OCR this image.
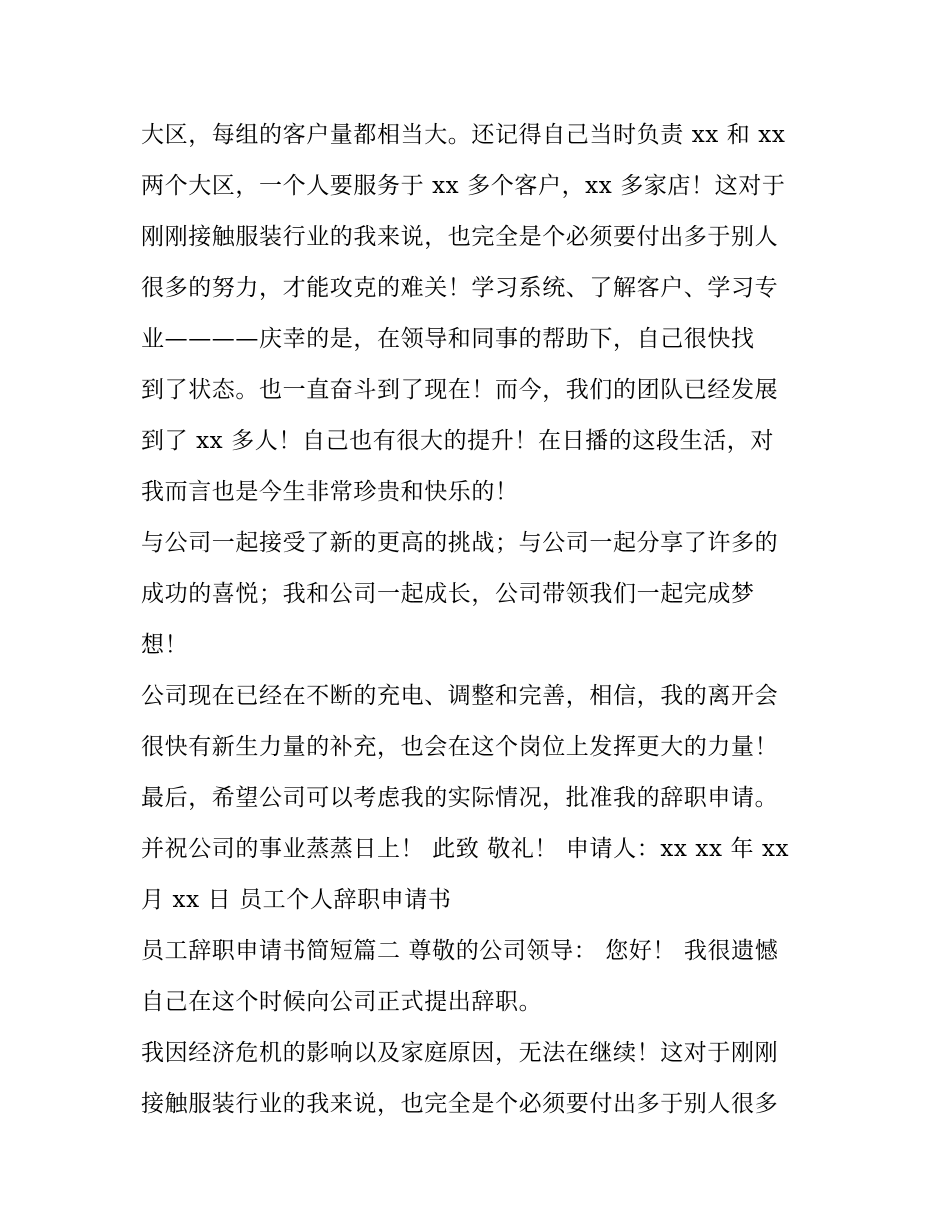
大区，每组的客户量都相当大。还记得自己当时负责 xx 和 xx
两个大区，一个人要服务于 xx 多个客户，xx 多家店！这对于
刚刚接触服装行业的我来说，也完全是个必须要付出多于别人
很多的努力，才能攻克的难关！学习系统、了解客户、学习专
业————庆幸的是，在领导和同事的帮助下，自己很快找
到了状态。也一直奋斗到了现在！而今，我们的团队已经发展
到了 xx 多人！自己也有很大的提升！在日播的这段生活，对
我而言也是今生非常珍贵和快乐的！
与公司一起接受了新的更高的挑战；与公司一起分享了许多的
成功的喜悦；我和公司一起成长，公司带领我们一起完成梦
想！
公司现在已经在不断的充电、调整和完善，相信，我的离开会
很快有新生力量的补充，也会在这个岗位上发挥更大的力量！
最后，希望公司可以考虑我的实际情况，批准我的辞职申请。
并祝公司的事业蒸蒸日上！ 此致 敬礼！ 申请人：xx xx 年 xx
月 xx 日 员工个人辞职申请书
员工辞职申请书简短篇二 尊敬的公司领导： 您好！ 我很遗憾
自己在这个时候向公司正式提出辞职。
我因经济危机的影响以及家庭原因，无法在继续！这对于刚刚
接触服装行业的我来说，也完全是个必须要付出多于别人很多
